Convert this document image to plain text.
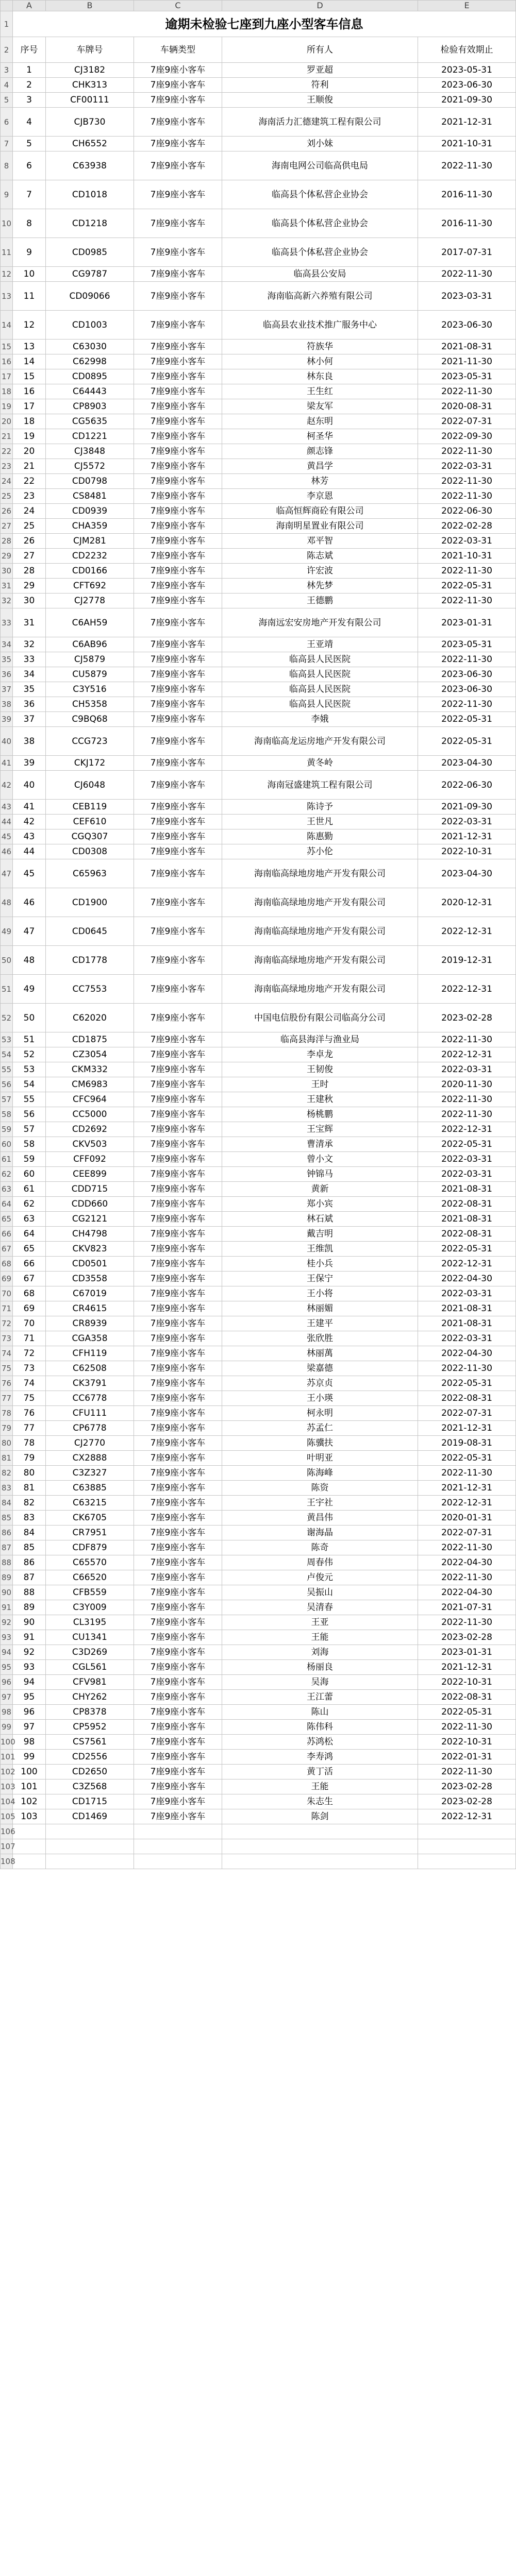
	A	B	C	D	E
1	逾期未检验七座到九座小型客车信息				
2	序号	车牌号	车辆类型	所有人	检验有效期止
3	1	CJ3182	7座9座小客车	罗亚超	2023-05-31
4	2	CHK313	7座9座小客车	符利	2023-06-30
5	3	CF00111	7座9座小客车	王顺俊	2021-09-30
6	4	CJB730	7座9座小客车	海南活力汇德建筑工程有限公司	2021-12-31
7	5	CH6552	7座9座小客车	刘小妹	2021-10-31
8	6	C63938	7座9座小客车	海南电网公司临高供电局	2022-11-30
9	7	CD1018	7座9座小客车	临高县个体私营企业协会	2016-11-30
10	8	CD1218	7座9座小客车	临高县个体私营企业协会	2016-11-30
11	9	CD0985	7座9座小客车	临高县个体私营企业协会	2017-07-31
12	10	CG9787	7座9座小客车	临高县公安局	2022-11-30
13	11	CD09066	7座9座小客车	海南临高新六养殖有限公司	2023-03-31
14	12	CD1003	7座9座小客车	临高县农业技术推广服务中心	2023-06-30
15	13	C63030	7座9座小客车	符族华	2021-08-31
16	14	C62998	7座9座小客车	林小何	2021-11-30
17	15	CD0895	7座9座小客车	林东良	2023-05-31
18	16	C64443	7座9座小客车	王生红	2022-11-30
19	17	CP8903	7座9座小客车	梁友军	2020-08-31
20	18	CG5635	7座9座小客车	赵东明	2022-07-31
21	19	CD1221	7座9座小客车	柯圣华	2022-09-30
22	20	CJ3848	7座9座小客车	颜志锋	2022-11-30
23	21	CJ5572	7座9座小客车	黄昌学	2022-03-31
24	22	CD0798	7座9座小客车	林芳	2022-11-30
25	23	CS8481	7座9座小客车	李京恩	2022-11-30
26	24	CD0939	7座9座小客车	临高恒辉商砼有限公司	2022-06-30
27	25	CHA359	7座9座小客车	海南明星置业有限公司	2022-02-28
28	26	CJM281	7座9座小客车	邓平智	2022-03-31
29	27	CD2232	7座9座小客车	陈志斌	2021-10-31
30	28	CD0166	7座9座小客车	许宏波	2022-11-30
31	29	CFT692	7座9座小客车	林先梦	2022-05-31
32	30	CJ2778	7座9座小客车	王德鹏	2022-11-30
33	31	C6AH59	7座9座小客车	海南远宏安房地产开发有限公司	2023-01-31
34	32	C6AB96	7座9座小客车	王亚靖	2023-05-31
35	33	CJ5879	7座9座小客车	临高县人民医院	2022-11-30
36	34	CU5879	7座9座小客车	临高县人民医院	2023-06-30
37	35	C3Y516	7座9座小客车	临高县人民医院	2023-06-30
38	36	CH5358	7座9座小客车	临高县人民医院	2022-11-30
39	37	C9BQ68	7座9座小客车	李娥	2022-05-31
40	38	CCG723	7座9座小客车	海南临高龙运房地产开发有限公司	2022-05-31
41	39	CKJ172	7座9座小客车	黄冬岭	2023-04-30
42	40	CJ6048	7座9座小客车	海南冠盛建筑工程有限公司	2022-06-30
43	41	CEB119	7座9座小客车	陈诗予	2021-09-30
44	42	CEF610	7座9座小客车	王世凡	2022-03-31
45	43	CGQ307	7座9座小客车	陈惠勤	2021-12-31
46	44	CD0308	7座9座小客车	苏小伦	2022-10-31
47	45	C65963	7座9座小客车	海南临高绿地房地产开发有限公司	2023-04-30
48	46	CD1900	7座9座小客车	海南临高绿地房地产开发有限公司	2020-12-31
49	47	CD0645	7座9座小客车	海南临高绿地房地产开发有限公司	2022-12-31
50	48	CD1778	7座9座小客车	海南临高绿地房地产开发有限公司	2019-12-31
51	49	CC7553	7座9座小客车	海南临高绿地房地产开发有限公司	2022-12-31
52	50	C62020	7座9座小客车	中国电信股份有限公司临高分公司	2023-02-28
53	51	CD1875	7座9座小客车	临高县海洋与渔业局	2022-11-30
54	52	CZ3054	7座9座小客车	李卓龙	2022-12-31
55	53	CKM332	7座9座小客车	王韧俊	2022-03-31
56	54	CM6983	7座9座小客车	王时	2020-11-30
57	55	CFC964	7座9座小客车	王建秋	2022-11-30
58	56	CC5000	7座9座小客车	杨桃鹏	2022-11-30
59	57	CD2692	7座9座小客车	王宝辉	2022-12-31
60	58	CKV503	7座9座小客车	曹清承	2022-05-31
61	59	CFF092	7座9座小客车	曾小文	2022-03-31
62	60	CEE899	7座9座小客车	钟锦马	2022-03-31
63	61	CDD715	7座9座小客车	黄新	2021-08-31
64	62	CDD660	7座9座小客车	郑小宾	2022-08-31
65	63	CG2121	7座9座小客车	林石斌	2021-08-31
66	64	CH4798	7座9座小客车	戴吉明	2022-08-31
67	65	CKV823	7座9座小客车	王维凯	2022-05-31
68	66	CD0501	7座9座小客车	桂小兵	2022-12-31
69	67	CD3558	7座9座小客车	王保宁	2022-04-30
70	68	C67019	7座9座小客车	王小将	2022-03-31
71	69	CR4615	7座9座小客车	林丽媚	2021-08-31
72	70	CR8939	7座9座小客车	王建平	2021-08-31
73	71	CGA358	7座9座小客车	张欣胜	2022-03-31
74	72	CFH119	7座9座小客车	林丽萬	2022-04-30
75	73	C62508	7座9座小客车	梁嘉德	2022-11-30
76	74	CK3791	7座9座小客车	苏京贞	2022-05-31
77	75	CC6778	7座9座小客车	王小瑛	2022-08-31
78	76	CFU111	7座9座小客车	柯永明	2022-07-31
79	77	CP6778	7座9座小客车	苏孟仁	2021-12-31
80	78	CJ2770	7座9座小客车	陈骥扶	2019-08-31
81	79	CX2888	7座9座小客车	叶明亚	2022-05-31
82	80	C3Z327	7座9座小客车	陈海峰	2022-11-30
83	81	C63885	7座9座小客车	陈资	2021-12-31
84	82	C63215	7座9座小客车	王宇社	2022-12-31
85	83	CK6705	7座9座小客车	黄昌伟	2020-01-31
86	84	CR7951	7座9座小客车	谢海晶	2022-07-31
87	85	CDF879	7座9座小客车	陈奇	2022-11-30
88	86	C65570	7座9座小客车	周春伟	2022-04-30
89	87	C66520	7座9座小客车	卢俊元	2022-11-30
90	88	CFB559	7座9座小客车	吴振山	2022-04-30
91	89	C3Y009	7座9座小客车	吴清春	2021-07-31
92	90	CL3195	7座9座小客车	王亚	2022-11-30
93	91	CU1341	7座9座小客车	王能	2023-02-28
94	92	C3D269	7座9座小客车	刘海	2023-01-31
95	93	CGL561	7座9座小客车	杨丽良	2021-12-31
96	94	CFV981	7座9座小客车	吴海	2022-10-31
97	95	CHY262	7座9座小客车	王江蕾	2022-08-31
98	96	CP8378	7座9座小客车	陈山	2022-05-31
99	97	CP5952	7座9座小客车	陈伟科	2022-11-30
100	98	CS7561	7座9座小客车	苏鸿松	2022-10-31
101	99	CD2556	7座9座小客车	李寿鸿	2022-01-31
102	100	CD2650	7座9座小客车	黄丁活	2022-11-30
103	101	C3Z568	7座9座小客车	王能	2023-02-28
104	102	CD1715	7座9座小客车	朱志生	2023-02-28
105	103	CD1469	7座9座小客车	陈剑	2022-12-31
106					
107					
108					
